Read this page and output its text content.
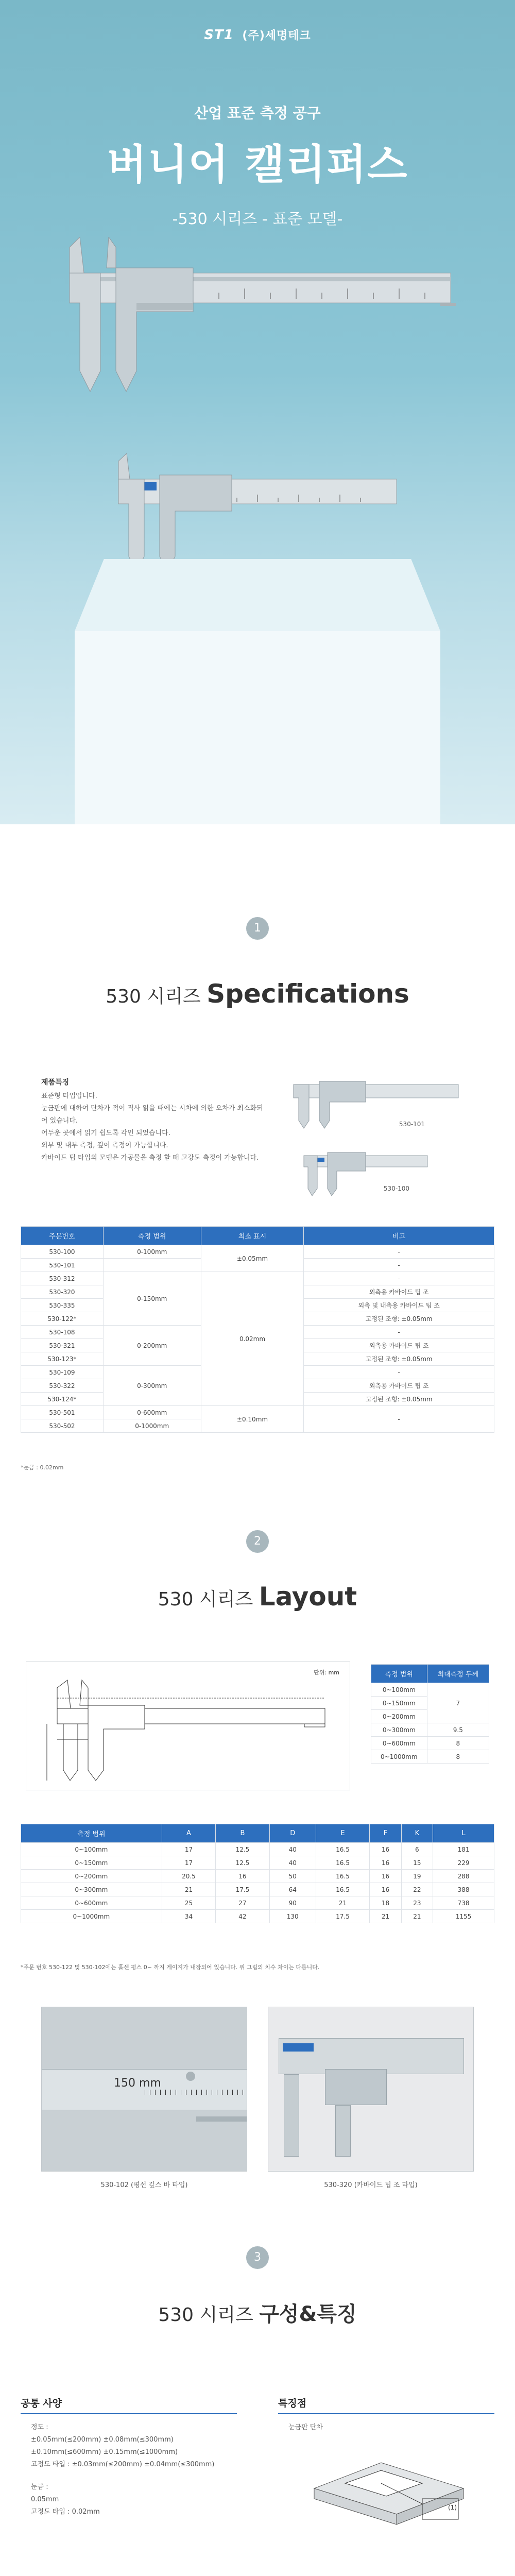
ST1 (주)세명테크
산업 표준 측정 공구
버니어 캘리퍼스
-530 시리즈 - 표준 모델-
1
530 시리즈 Specifications
제품특징
표준형 타입입니다.
눈금판에 대하여 단차가 적어 직사 읽을 때에는 시차에 의한 오차가 최소화되어 있습니다.
어두운 곳에서 읽기 쉽도록 각인 되었습니다.
외부 및 내부 측정, 깊이 측정이 가능합니다.
카바이드 팁 타입의 모델은 가공물을 측정 할 때 고강도 측정이 가능합니다.
530-101
530-100
주문번호	측정 범위	최소 표시	비고
530-100	0-100mm	±0.05mm	-
530-101			-
530-312	0-150mm	0.02mm	-
530-320			외측용 카바이드 팁 조
530-335			외측 및 내측용 카바이드 팁 조
530-122*			고정된 조형: ±0.05mm
530-108	0-200mm		-
530-321			외측용 카바이드 팁 조
530-123*			고정된 조형: ±0.05mm
530-109	0-300mm		-
530-322			외측용 카바이드 팁 조
530-124*			고정된 조형: ±0.05mm
530-501	0-600mm	±0.10mm	-
530-502	0-1000mm		
*눈금 : 0.02mm
2
530 시리즈 Layout
단위: mm	측정 범위	최대측정 두께
0~100mm	7
0~150mm	
0~200mm	
0~300mm	9.5
0~600mm	8
0~1000mm	8
측정 범위	A	B	D	E	F	K	L
0~100mm	17	12.5	40	16.5	16	6	181
0~150mm	17	12.5	40	16.5	16	15	229
0~200mm	20.5	16	50	16.5	16	19	288
0~300mm	21	17.5	64	16.5	16	22	388
0~600mm	25	27	90	21	18	23	738
0~1000mm	34	42	130	17.5	21	21	1155
*주문 번호 530-122 및 530-102에는 홀센 평스 0~ 까지 게이지가 내장되어 있습니다. 위 그림의 치수 차이는 다릅니다.
150 mm
530-102 (평선 깊스 바 타입)	530-320 (카바이드 팁 조 타입)
3
530 시리즈 구성&특징
공통 사양
정도 :
±0.05mm(≤200mm) ±0.08mm(≤300mm)
±0.10mm(≤600mm) ±0.15mm(≤1000mm)
고정도 타입 : ±0.03mm(≤200mm) ±0.04mm(≤300mm)
눈금 :
0.05mm
고정도 타입 : 0.02mm
특징점
눈금판 단차
(1)
